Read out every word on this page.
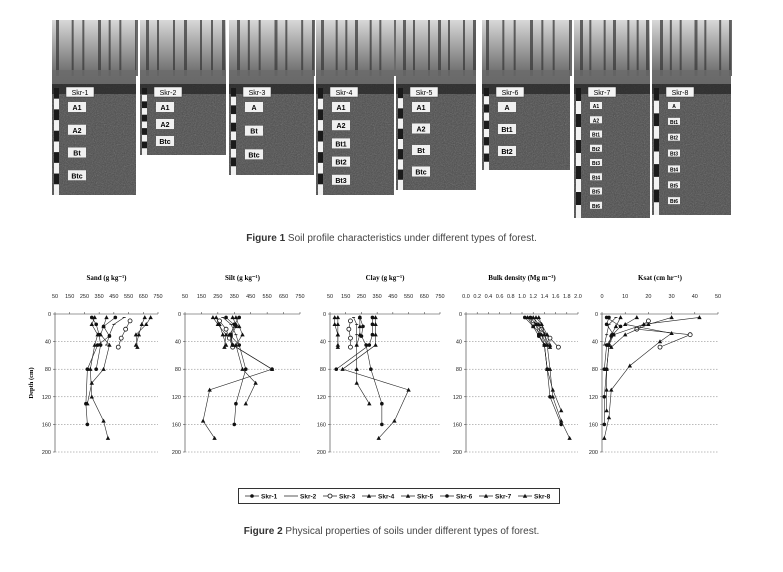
Skr-1
A1
A2
Bt
Btc
Skr-2
A1
A2
Btc
Skr-3
A
Bt
Btc
Skr-4
A1
A2
Bt1
Bt2
Bt3
Skr-5
A1
A2
Bt
Btc
Skr-6
A
Bt1
Bt2
Skr-7
A1
A2
Bt1
Bt2
Bt3
Bt4
Bt5
Bt6
Skr-8
A
Bt1
Bt2
Bt3
Bt4
Bt5
Bt6
Figure 1 Soil profile characteristics under different types of forest.
Sand (g kg⁻¹)
50 150 250 350 450 550 650 750
0
40
80
120
160
200
Depth (cm)
Silt (g kg⁻¹)
50 150 250 350 450 550 650 750
0
40
80
120
160
200
Clay (g kg⁻¹)
50 150 250 350 450 550 650 750
0
40
80
120
160
200
Bulk density (Mg m⁻³)
0.0 0.2 0.4 0.6 0.8 1.0 1.2 1.4 1.6 1.8 2.0
0
40
80
120
160
200
Ksat (cm hr⁻¹)
0	10	20	30	40	50
0
40
80
120
160
200
Skr-1	Skr-2	Skr-3	Skr-4	Skr-5	Skr-6	Skr-7	Skr-8
Figure 2 Physical properties of soils under different types of forest.
